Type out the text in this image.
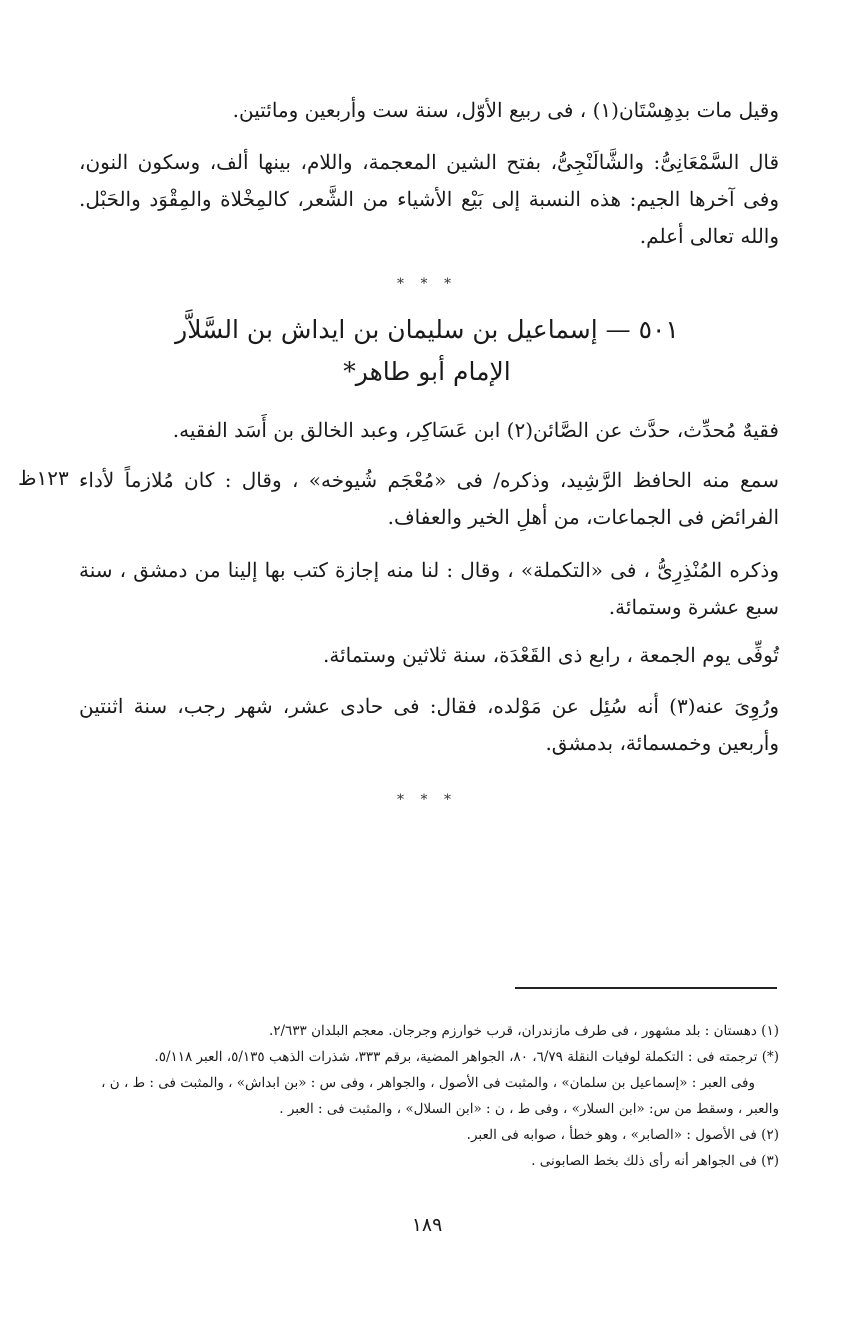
وقيل مات بدِهِسْتَان(١) ، فى ربيع الأوّل، سنة ست وأربعين ومائتين.

قال السَّمْعَانِىُّ: والشَّالَنْجِىُّ، بفتح الشين المعجمة، واللام، بينها ألف، وسكون النون، وفى آخرها الجيم: هذه النسبة إلى بَيْع الأشياء من الشَّعر، كالمِخْلاة والمِقْوَد والحَبْل. والله تعالى أعلم.

* * *
٥٠١ — إسماعيل بن سليمان بن ايداش بن السَّلاَّر
الإمام أبو طاهر*

فقيهٌ مُحدِّث، حدَّث عن الصَّائن(٢) ابن عَسَاكِر، وعبد الخالق بن أَسَد الفقيه.

سمع منه الحافظ الرَّشِيد، وذكره/ فى «مُعْجَم شُيوخه» ، وقال : كان مُلازماً لأداء الفرائض فى الجماعات، من أهلِ الخير والعفاف.

١٢٣ظ

وذكره المُنْذِرِىُّ ، فى «التكملة» ، وقال : لنا منه إجازة كتب بها إلينا من دمشق ، سنة سبع عشرة وستمائة.

تُوفِّى يوم الجمعة ، رابع ذى القَعْدَة، سنة ثلاثين وستمائة.

ورُوِىَ عنه(٣) أنه سُئِل عن مَوْلده، فقال: فى حادى عشر، شهر رجب، سنة اثنتين وأربعين وخمسمائة، بدمشق.

* * *

(١) دهستان : بلد مشهور ، فى طرف مازندران، قرب خوارزم وجرجان. معجم البلدان ٢/٦٣٣.

(*) ترجمته فى : التكملة لوفيات النقلة ٦/٧٩، ٨٠، الجواهر المضية، برقم ٣٣٣، شذرات الذهب ٥/١٣٥، العبر ٥/١١٨.

وفى العبر : «إسماعيل بن سلمان» ، والمثبت فى الأصول ، والجواهر ، وفى س : «بن ابداش» ، والمثبت فى : ط ، ن ،

والعبر ، وسقط من س: «ابن السلار» ، وفى ط ، ن : «ابن السلال» ، والمثبت فى : العبر .

(٢) فى الأصول : «الصابر» ، وهو خطأ ، صوابه فى العبر.

(٣) فى الجواهر أنه رأى ذلك بخط الصابونى .

١٨٩
